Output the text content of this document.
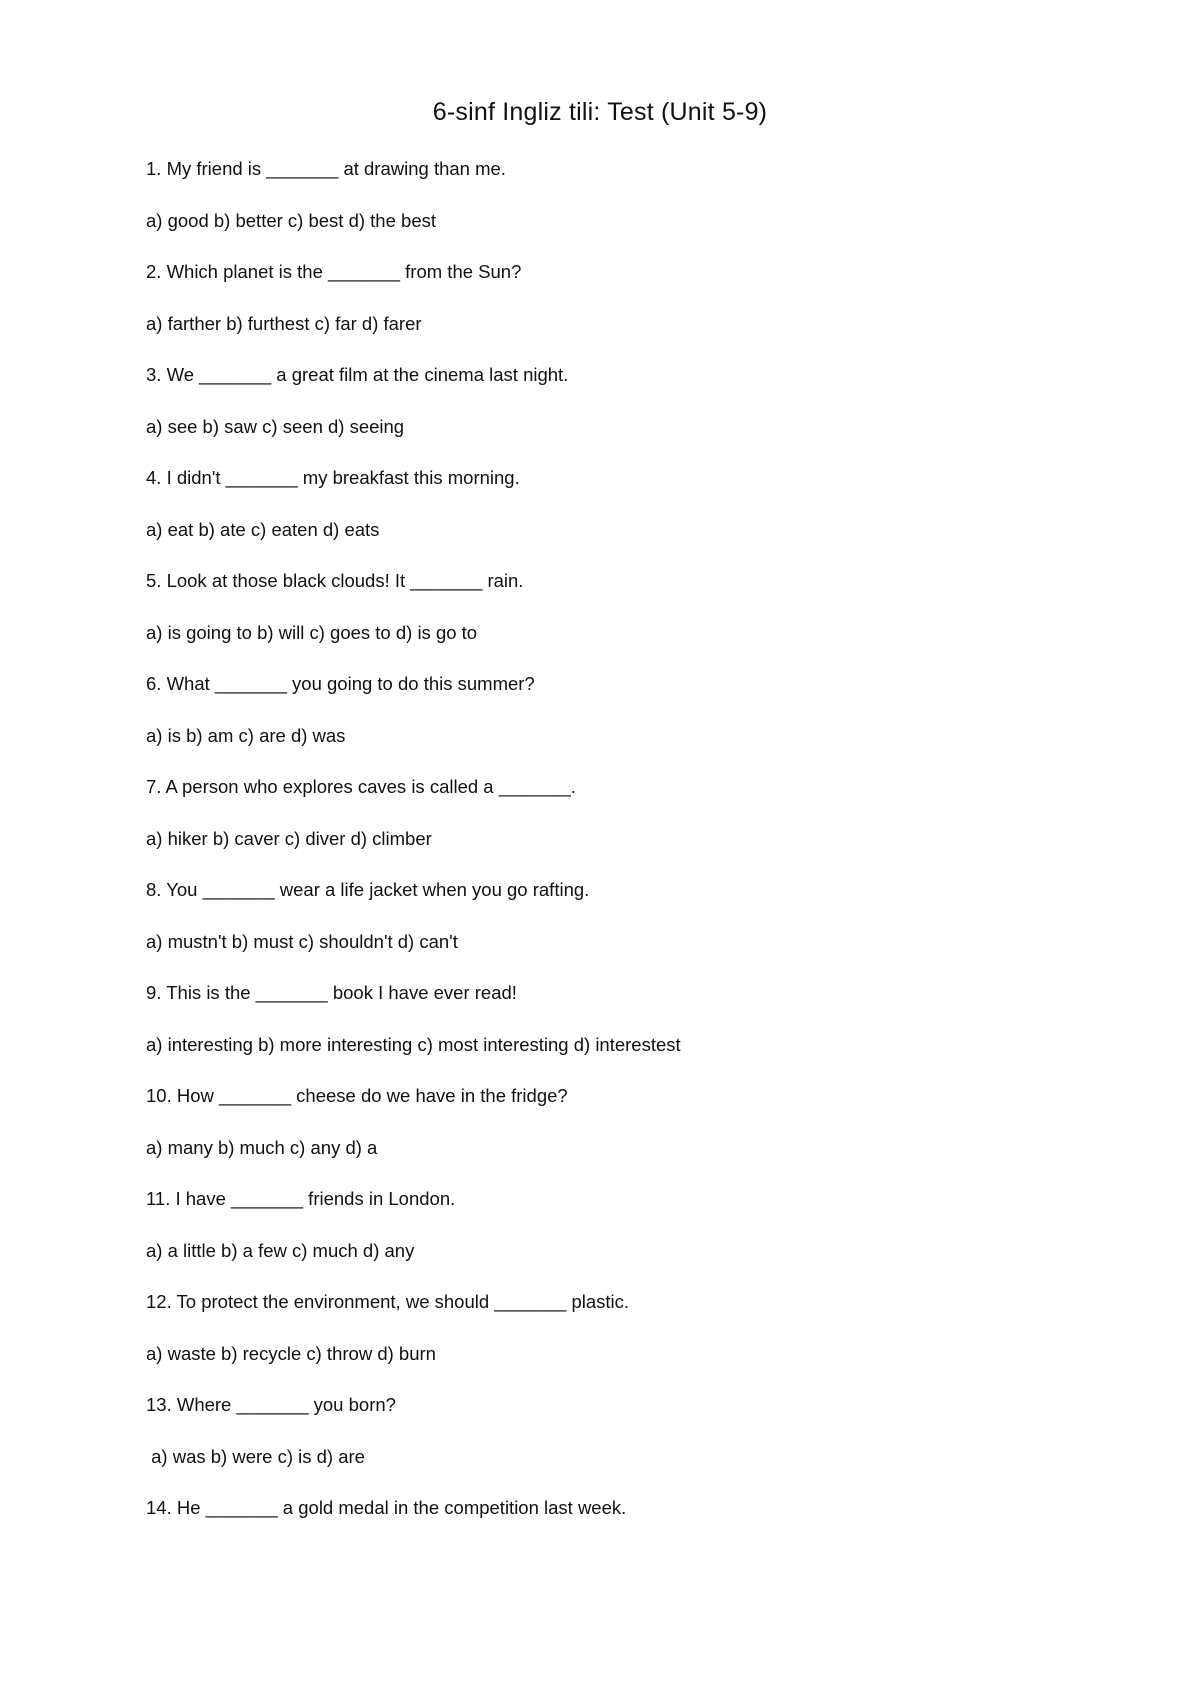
6-sinf Ingliz tili: Test (Unit 5-9)

1. My friend is _______ at drawing than me.

a) good b) better c) best d) the best

2. Which planet is the _______ from the Sun?

a) farther b) furthest c) far d) farer

3. We _______ a great film at the cinema last night.

a) see b) saw c) seen d) seeing

4. I didn't _______ my breakfast this morning.

a) eat b) ate c) eaten d) eats

5. Look at those black clouds! It _______ rain.

a) is going to b) will c) goes to d) is go to

6. What _______ you going to do this summer?

a) is b) am c) are d) was

7. A person who explores caves is called a _______.

a) hiker b) caver c) diver d) climber

8. You _______ wear a life jacket when you go rafting.

a) mustn't b) must c) shouldn't d) can't

9. This is the _______ book I have ever read!

a) interesting b) more interesting c) most interesting d) interestest

10. How _______ cheese do we have in the fridge?

a) many b) much c) any d) a

11. I have _______ friends in London.

a) a little b) a few c) much d) any

12. To protect the environment, we should _______ plastic.

a) waste b) recycle c) throw d) burn

13. Where _______ you born?

a) was b) were c) is d) are

14. He _______ a gold medal in the competition last week.
